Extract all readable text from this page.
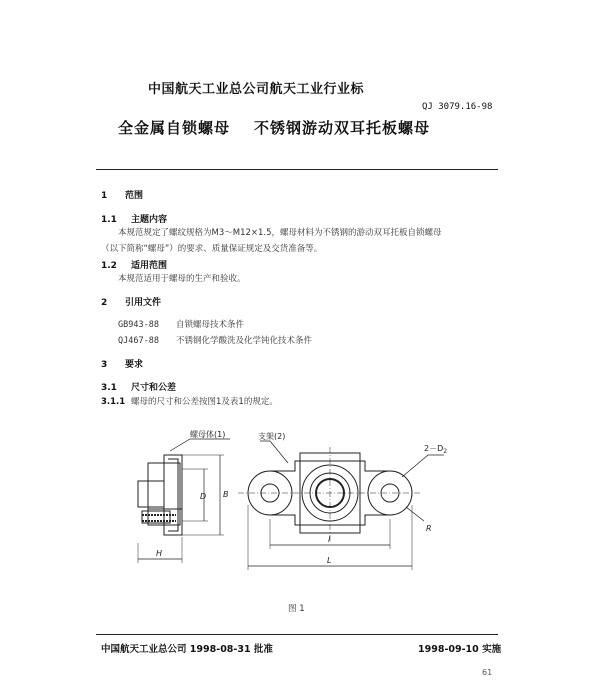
中国航天工业总公司航天工业行业标
QJ 3079.16-98
全金属自锁螺母 不锈钢游动双耳托板螺母
1 范围
1.1 主题内容
本规范规定了螺纹规格为M3～M12×1.5，螺母材料为不锈钢的游动双耳托板自锁螺母
（以下简称“螺母”）的要求、质量保证规定及交货准备等。
1.2 适用范围
本规范适用于螺母的生产和验收。
2 引用文件
GB943-88 自锁螺母技术条件
QJ467-88 不锈钢化学酸洗及化学钝化技术条件
3 要求
3.1 尺寸和公差
3.1.1 螺母的尺寸和公差按图1及表1的规定。
螺母体(1)	支架(2)
$2-D_2$
D B
H
l
L
R
图 1
中国航天工业总公司 1998-08-31 批准	1998-09-10 实施
61
